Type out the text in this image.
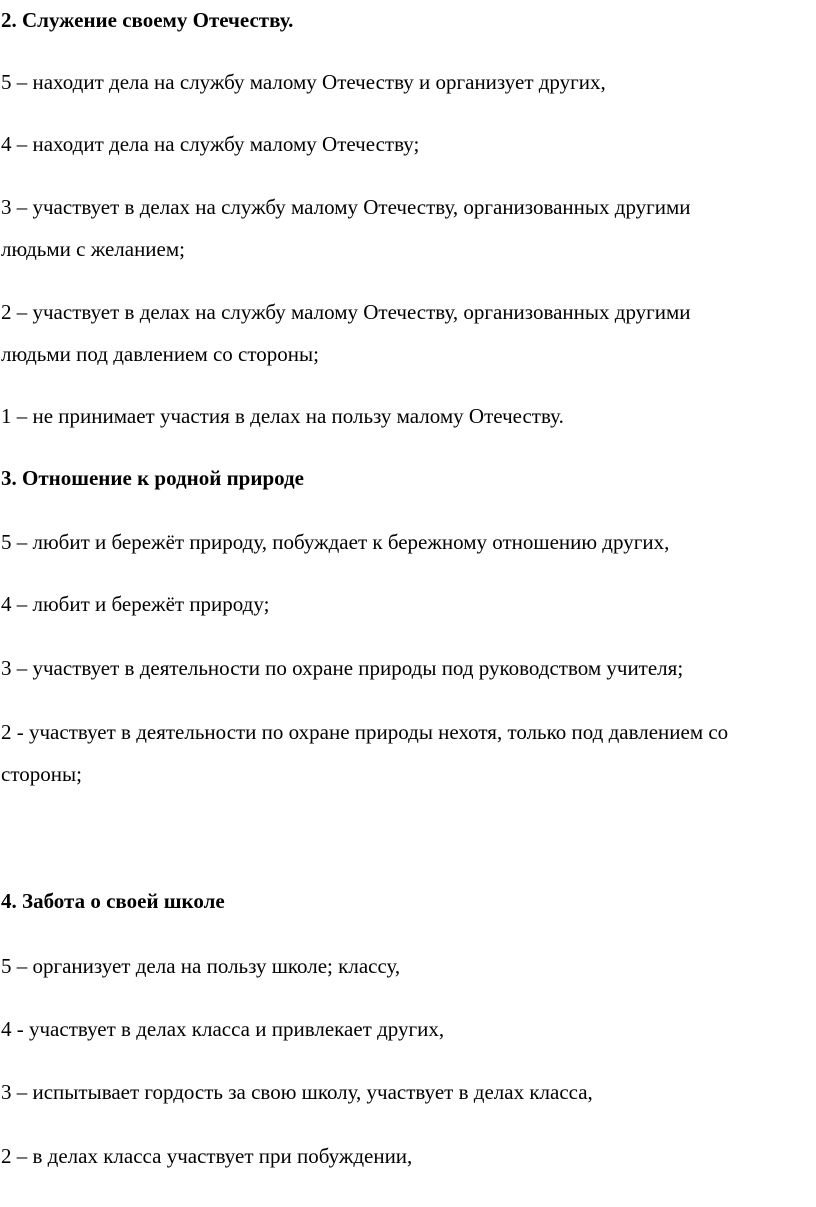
2. Служение своему Отечеству.
5 – находит дела на службу малому Отечеству и организует других,
4 – находит дела на службу малому Отечеству;
3 – участвует в делах на службу малому Отечеству, организованных другими
людьми с желанием;
2 – участвует в делах на службу малому Отечеству, организованных другими
людьми под давлением со стороны;
1 – не принимает участия в делах на пользу малому Отечеству.
3. Отношение к родной природе
5 – любит и бережёт природу, побуждает к бережному отношению других,
4 – любит и бережёт природу;
3 – участвует в деятельности по охране природы под руководством учителя;
2 - участвует в деятельности по охране природы нехотя, только под давлением со
стороны;
4. Забота о своей школе
5 – организует дела на пользу школе; классу,
4 - участвует в делах класса и привлекает других,
3 – испытывает гордость за свою школу, участвует в делах класса,
2 – в делах класса участвует при побуждении,
